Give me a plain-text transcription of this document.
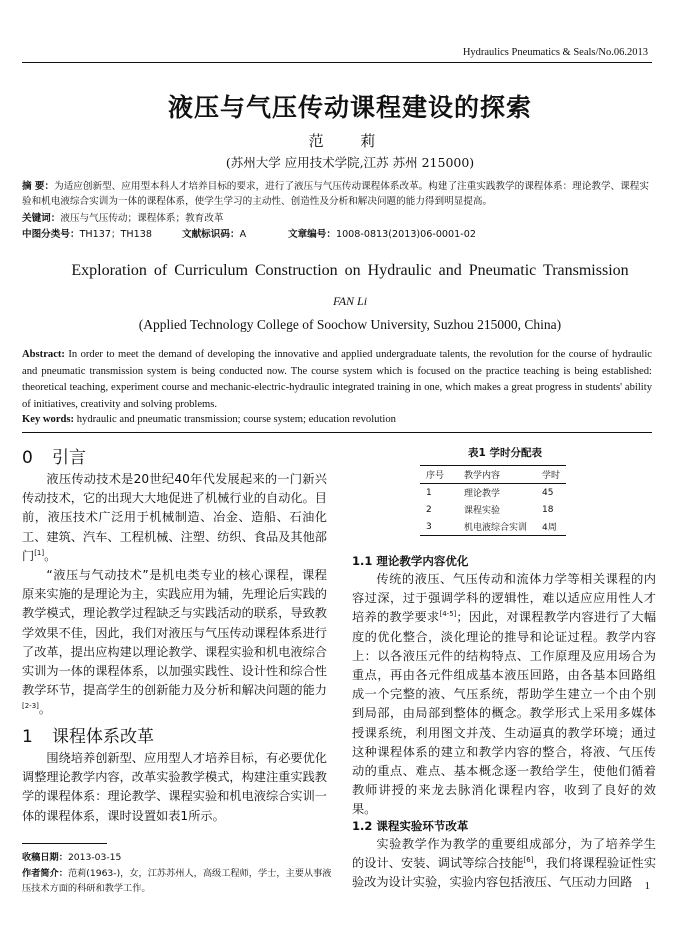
Hydraulics Pneumatics & Seals/No.06.2013
液压与气压传动课程建设的探索
范 莉
(苏州大学 应用技术学院,江苏 苏州 215000)
摘 要：为适应创新型、应用型本科人才培养目标的要求，进行了液压与气压传动课程体系改革。构建了注重实践教学的课程体系：理论教学、课程实验和机电液综合实训为一体的课程体系，使学生学习的主动性、创造性及分析和解决问题的能力得到明显提高。
关键词：液压与气压传动；课程体系；教育改革
中图分类号：TH137；TH138	文献标识码：A	文章编号：1008-0813(2013)06-0001-02
Exploration of Curriculum Construction on Hydraulic and Pneumatic Transmission
FAN Li
(Applied Technology College of Soochow University, Suzhou 215000, China)
Abstract: In order to meet the demand of developing the innovative and applied undergraduate talents, the revolution for the course of hydraulic and pneumatic transmission system is being conducted now. The course system which is focused on the practice teaching is being established: theoretical teaching, experiment course and mechanic-electric-hydraulic integrated training in one, which makes a great progress in students' ability of initiatives, creativity and solving problems.
Key words: hydraulic and pneumatic transmission; course system; education revolution
0 引言

液压传动技术是20世纪40年代发展起来的一门新兴传动技术，它的出现大大地促进了机械行业的自动化。目前，液压技术广泛用于机械制造、冶金、造船、石油化工、建筑、汽车、工程机械、注塑、纺织、食品及其他部门[1]。

“液压与气动技术”是机电类专业的核心课程，课程原来实施的是理论为主，实践应用为辅，先理论后实践的教学模式，理论教学过程缺乏与实践活动的联系，导致教学效果不佳，因此，我们对液压与气压传动课程体系进行了改革，提出应构建以理论教学、课程实验和机电液综合实训为一体的课程体系，以加强实践性、设计性和综合性教学环节，提高学生的创新能力及分析和解决问题的能力[2-3]。

1 课程体系改革

围绕培养创新型、应用型人才培养目标，有必要优化调整理论教学内容，改革实验教学模式，构建注重实践教学的课程体系：理论教学、课程实验和机电液综合实训一体的课程体系，课时设置如表1所示。

收稿日期：2013-03-15
作者简介：范莉(1963-)，女，江苏苏州人，高级工程师，学士，主要从事液压技术方面的科研和教学工作。
表1 学时分配表
序号	教学内容	学时
1	理论教学	45
2	课程实验	18
3	机电液综合实训	4周
1.1 理论教学内容优化

传统的液压、气压传动和流体力学等相关课程的内容过深，过于强调学科的逻辑性，难以适应应用性人才培养的教学要求[4-5]；因此，对课程教学内容进行了大幅度的优化整合，淡化理论的推导和论证过程。教学内容上：以各液压元件的结构特点、工作原理及应用场合为重点，再由各元件组成基本液压回路，由各基本回路组成一个完整的液、气压系统，帮助学生建立一个由个别到局部，由局部到整体的概念。教学形式上采用多媒体授课系统，利用图文并茂、生动逼真的教学环境；通过这种课程体系的建立和教学内容的整合，将液、气压传动的重点、难点、基本概念逐一教给学生，使他们循着教师讲授的来龙去脉消化课程内容，收到了良好的效果。

1.2 课程实验环节改革

实验教学作为教学的重要组成部分，为了培养学生的设计、安装、调试等综合技能[6]，我们将课程验证性实验改为设计实验，实验内容包括液压、气压动力回路	1
